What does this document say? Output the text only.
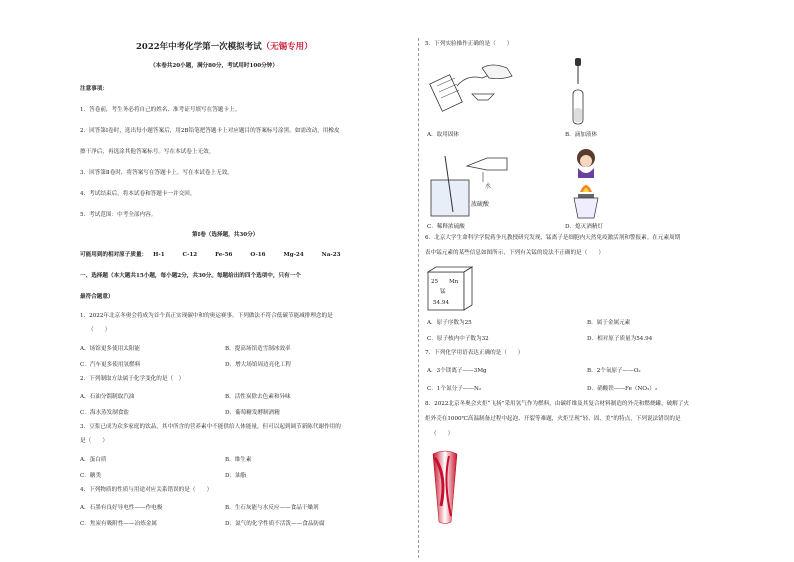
2022年中考化学第一次模拟考试（无锡专用）
（本卷共20小题，满分80分，考试用时100分钟）
注意事项：
1．答卷前，考生务必将自己的姓名、准考证号填写在答题卡上。
2．回答第Ⅰ卷时，选出每小题答案后，用2B铅笔把答题卡上对应题目的答案标号涂黑。如需改动，用橡皮
擦干净后，再选涂其他答案标号。写在本试卷上无效。
3．回答第Ⅱ卷时，将答案写在答题卡上。写在本试卷上无效。
4．考试结束后，将本试卷和答题卡一并交回。
5．考试范围：中考全部内容。
第Ⅰ卷（选择题，共30分）
可能用到的相对原子质量： H-1	C-12	Fe-56	O-16	Mg-24	Na-23
一、选择题（本大题共15小题，每小题2分，共30分。每题给出的四个选项中，只有一个
最符合题意）
1．2022年北京冬奥会将成为首个真正实现碳中和的奥运赛事。下列做法不符合低碳节能减排理念的是
（　　）
A．场馆更多使用太阳能	B．提高场馆造雪制冰效率
C．汽车更多使用氢燃料	D．增大场馆周边亮化工程
2．下列制取方法属于化学变化的是（　）
A．石油分馏制取汽油	B．活性炭除去色素和异味
C．海水蒸发制食盐	D．葡萄糖发酵制酒精
3．豆浆已成为众多家庭的饮品，其中所含的营养素中不能供给人体能量，但可以起到调节新陈代谢作用的
是（　　）
A．蛋白质	B．维生素
C．糖类	D．油脂
4．下列物质的性质与用途对应关系错误的是（　　）
A．石墨有良好导电性——作电极	B．生石灰能与水反应——食品干燥剂
C．焦炭有吸附性——冶炼金属	D．氮气的化学性质不活泼——食品防腐
5．下列实验操作正确的是（　　）
A．取用固体	B．滴加液体
水
浓硫酸
C．稀释浓硫酸	D．熄灭酒精灯
6．北京大学生命科学学院蒋争凡教授研究发现，锰离子是细胞内天然免疫激活剂和警报素。在元素周期
表中锰元素的某些信息如图所示，下列有关锰的说法不正确的是（　　）
25 Mn
锰
54.94
A．原子序数为25	B．属于金属元素
C．原子核内中子数为32	D．相对原子质量为54.94
7．下列化学用语表达正确的是（　　）
A．3个镁离子——3Mg	B．2个氧原子——O₂
C．1个氮分子——N₂	D．硝酸铁——Fe（NO₃）₂
8．2022北京冬奥会火炬“飞扬”采用氢气作为燃料，由碳纤维及其复合材料制造的外壳和燃烧罐，破解了火
炬外壳在1000℃高温制备过程中起泡、开裂等难题，火炬呈现“轻、固、美”的特点，下列说法错误的是
（　　）
